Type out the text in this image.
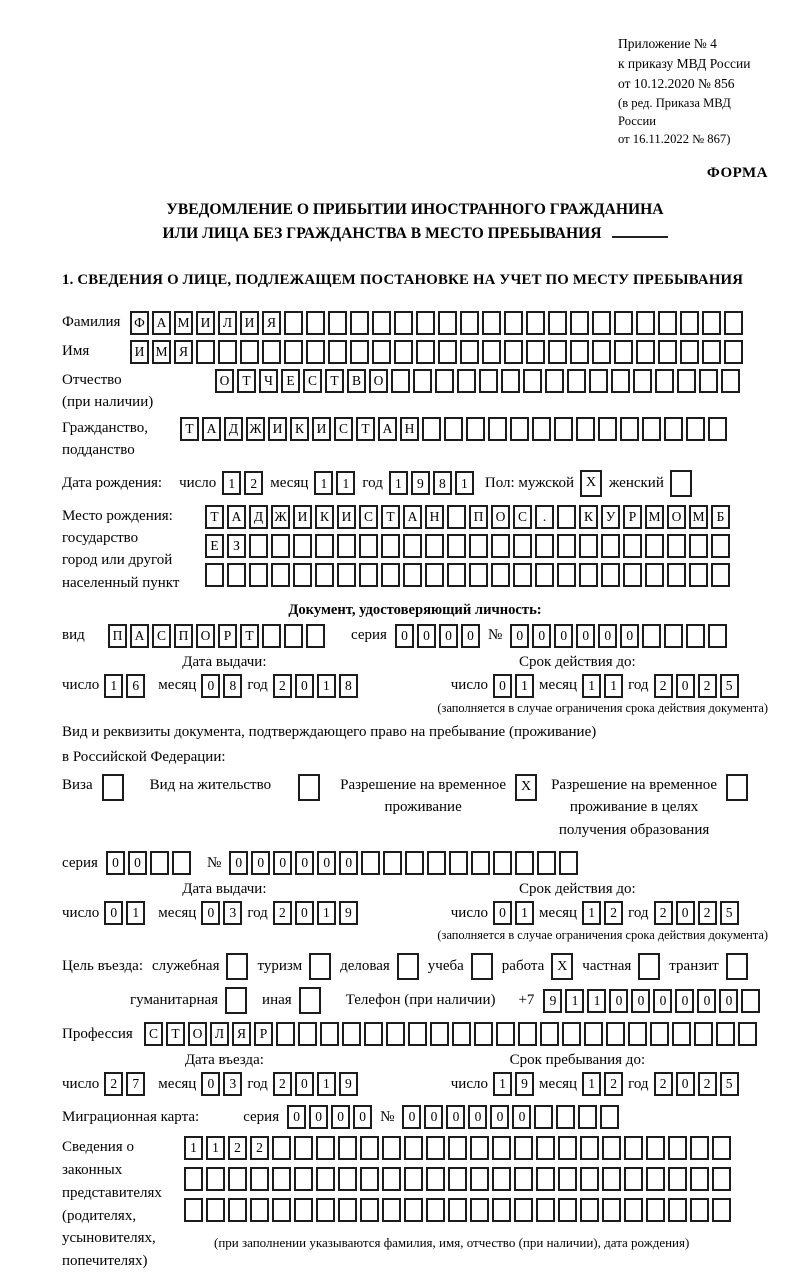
Приложение № 4
к приказу МВД России
от 10.12.2020 № 856
(в ред. Приказа МВД России
от 16.11.2022 № 867)
ФОРМА
УВЕДОМЛЕНИЕ О ПРИБЫТИИ ИНОСТРАННОГО ГРАЖДАНИНА
ИЛИ ЛИЦА БЕЗ ГРАЖДАНСТВА В МЕСТО ПРЕБЫВАНИЯ
1. СВЕДЕНИЯ О ЛИЦЕ, ПОДЛЕЖАЩЕМ ПОСТАНОВКЕ НА УЧЕТ ПО МЕСТУ ПРЕБЫВАНИЯ
Фамилия	Ф А М И Л И Я
Имя	И М Я
Отчество
(при наличии)
О Т Ч Е С Т В О
Гражданство,
подданство
Т А Д Ж И К И С Т А Н
Дата рождения: число 1	2 месяц 1	1 год 1	9	8	1	Пол: мужской X женский
Место рождения:
государство
город или другой
населенный пункт
Т А Д Ж И К И С Т А Н	П О С	.	К У Р М О М Б
Е	З
Документ, удостоверяющий личность:
вид	П А С П О Р	Т	серия	0	0	0	0 №	0	0	0	0	0	0
Дата выдачи:
число 1	6	месяц 0	8 год 2	0	1	8
Срок действия до:
число 0	1 месяц 1	1 год 2	0	2	5
(заполняется в случае ограничения срока действия документа)
Вид и реквизиты документа, подтверждающего право на пребывание (проживание)
в Российской Федерации:
Виза	Вид на жительство	Разрешение на временное
проживание
X	Разрешение на временное
проживание в целях
получения образования
серия	0	0	№	0	0	0	0	0	0
Дата выдачи:
число 0	1	месяц 0	3 год 2	0	1	9
Срок действия до:
число 0	1 месяц 1	2 год 2	0	2	5
(заполняется в случае ограничения срока действия документа)
Цель въезда: служебная	туризм	деловая	учеба	работа X частная	транзит
гуманитарная	иная	Телефон (при наличии) +7	9	1	1	0	0	0	0	0	0
Профессия	С Т О Л Я	Р
Дата въезда:
число 2	7	месяц 0	3 год 2	0	1	9
Срок пребывания до:
число 1	9 месяц 1	2 год 2	0	2	5
Миграционная карта:	серия	0	0	0	0 №	0	0	0	0	0	0
Сведения о
законных
представителях
(родителях,
усыновителях,
попечителях)
1	1	2	2
(при заполнении указываются фамилия, имя, отчество (при наличии), дата рождения)
